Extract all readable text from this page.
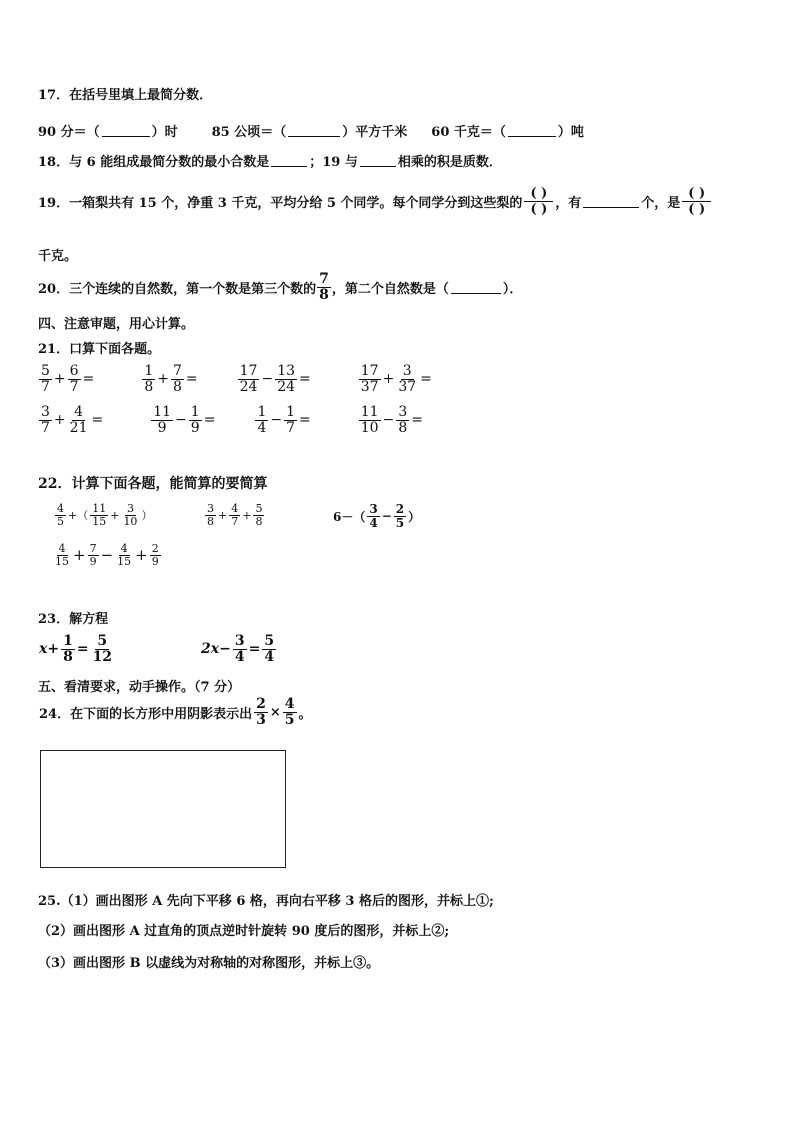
17．在括号里填上最简分数．
90 分＝（	）时	85 公顷＝（	）平方千米 60 千克＝（	）吨
18．与 6 能组成最简分数的最小合数是	；19 与	相乘的积是质数．
19．一箱梨共有 15 个，净重 3 千克，平均分给 5 个同学。每个同学分到这些梨的
( )
( ) ，有	个，是
( )
( )
千克。
20．三个连续的自然数，第一个数是第三个数的 $\frac{7}{8}$ ，第二个自然数是（	）．
四、注意审题，用心计算。
21．口算下面各题。
$\frac{5}{7} + \frac{6}{7}$ =	$\frac{1}{8} + \frac{7}{8}$ =	$\frac{17}{24} - \frac{13}{24}$ =	$\frac{17}{37} + \frac{3}{37}$ =
$\frac{3}{7} + \frac{4}{21}$ =	$\frac{11}{9} - \frac{1}{9}$ =	$\frac{1}{4} - \frac{1}{7}$ =	$\frac{11}{10} - \frac{3}{8}$ =
22．计算下面各题，能简算的要简算
$\frac{4}{5}$ +（ $\frac{11}{15} + \frac{3}{10}$ ）	$\frac{3}{8} + \frac{4}{7} + \frac{5}{8}$	$6-( \frac{3}{4} - \frac{2}{5}$ ）
$\frac{4}{15} + \frac{7}{9} - \frac{4}{15} + \frac{2}{9}$
23．解方程
$x+ \frac{1}{8} = \frac{5}{12}$	$2x- \frac{3}{4} = \frac{5}{4}$
五、看清要求，动手操作。（7 分）
24．在下面的长方形中用阴影表示出 $\frac{2}{3} \times \frac{4}{5}$ 。
25.（1）画出图形 A 先向下平移 6 格，再向右平移 3 格后的图形，并标上①;
（2）画出图形 A 过直角的顶点逆时针旋转 90 度后的图形，并标上②;
（3）画出图形 B 以虚线为对称轴的对称图形，并标上③。
